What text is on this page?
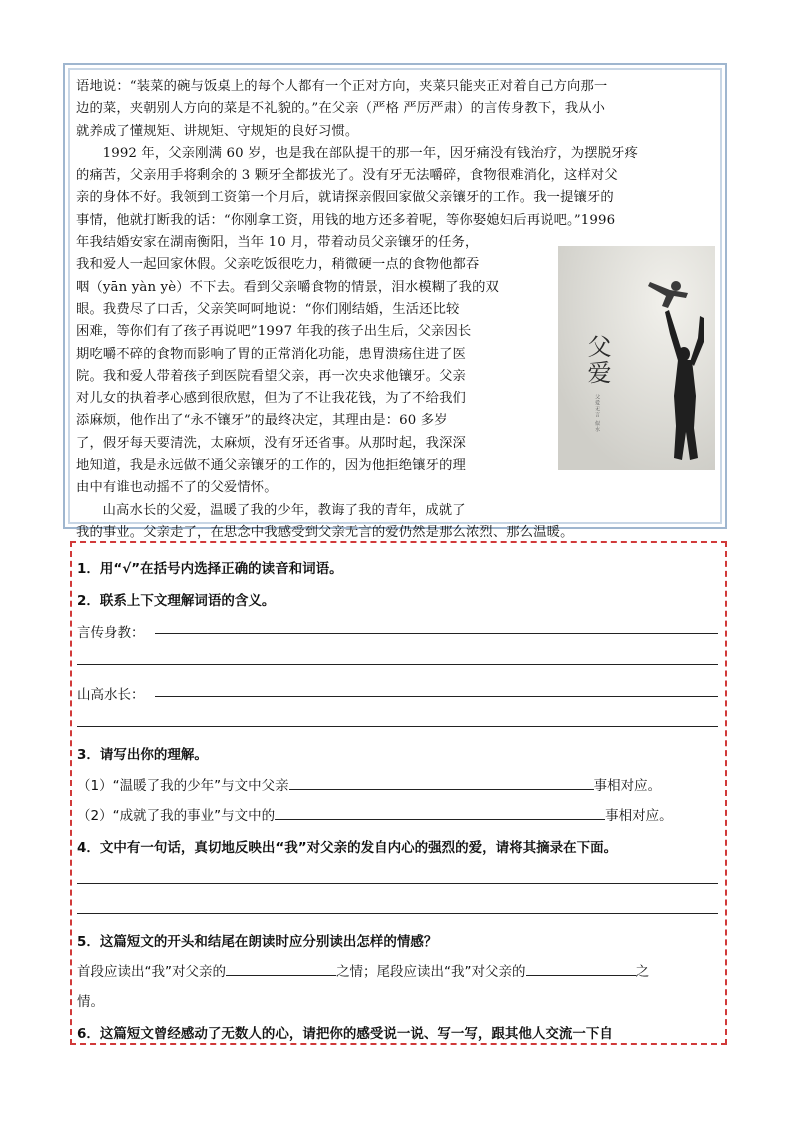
语地说：“装菜的碗与饭桌上的每个人都有一个正对方向，夹菜只能夹正对着自己方向那一
边的菜，夹朝别人方向的菜是不礼貌的。”在父亲（严格 严厉严肃）的言传身教下，我从小
就养成了懂规矩、讲规矩、守规矩的良好习惯。

1992 年，父亲刚满 60 岁，也是我在部队提干的那一年，因牙痛没有钱治疗，为摆脱牙疼
的痛苦，父亲用手将剩余的 3 颗牙全都拔光了。没有牙无法嚼碎，食物很难消化，这样对父
亲的身体不好。我领到工资第一个月后，就请探亲假回家做父亲镶牙的工作。我一提镶牙的
事情，他就打断我的话：“你刚拿工资，用钱的地方还多着呢，等你娶媳妇后再说吧。”1996
年我结婚安家在湖南衡阳，当年 10 月，带着动员父亲镶牙的任务，
我和爱人一起回家休假。父亲吃饭很吃力，稍微硬一点的食物他都吞
咽（yān yàn yè）不下去。看到父亲嚼食物的情景，泪水模糊了我的双
眼。我费尽了口舌，父亲笑呵呵地说：“你们刚结婚，生活还比较
困难，等你们有了孩子再说吧”1997 年我的孩子出生后，父亲因长
期吃嚼不碎的食物而影响了胃的正常消化功能，患胃溃疡住进了医
院。我和爱人带着孩子到医院看望父亲，再一次央求他镶牙。父亲
对儿女的执着孝心感到很欣慰，但为了不让我花钱，为了不给我们
添麻烦，他作出了“永不镶牙”的最终决定，其理由是：60 多岁
了，假牙每天要清洗，太麻烦，没有牙还省事。从那时起，我深深
地知道，我是永远做不通父亲镶牙的工作的，因为他拒绝镶牙的理
由中有谁也动摇不了的父爱情怀。

山高水长的父爱，温暖了我的少年，教诲了我的青年，成就了
我的事业。父亲走了，在思念中我感受到父亲无言的爱仍然是那么浓烈、那么温暖。

父爱
父爱无言 似水
1．用“√”在括号内选择正确的读音和词语。
2．联系上下文理解词语的含义。
言传身教：
山高水长：
3．请写出你的理解。
（1）“温暖了我的少年”与文中父亲	事相对应。
（2）“成就了我的事业”与文中的	事相对应。
4．文中有一句话，真切地反映出“我”对父亲的发自内心的强烈的爱，请将其摘录在下面。
5．这篇短文的开头和结尾在朗读时应分别读出怎样的情感？
首段应读出“我”对父亲的	之情；尾段应读出“我”对父亲的	之
情。
6．这篇短文曾经感动了无数人的心，请把你的感受说一说、写一写，跟其他人交流一下自
